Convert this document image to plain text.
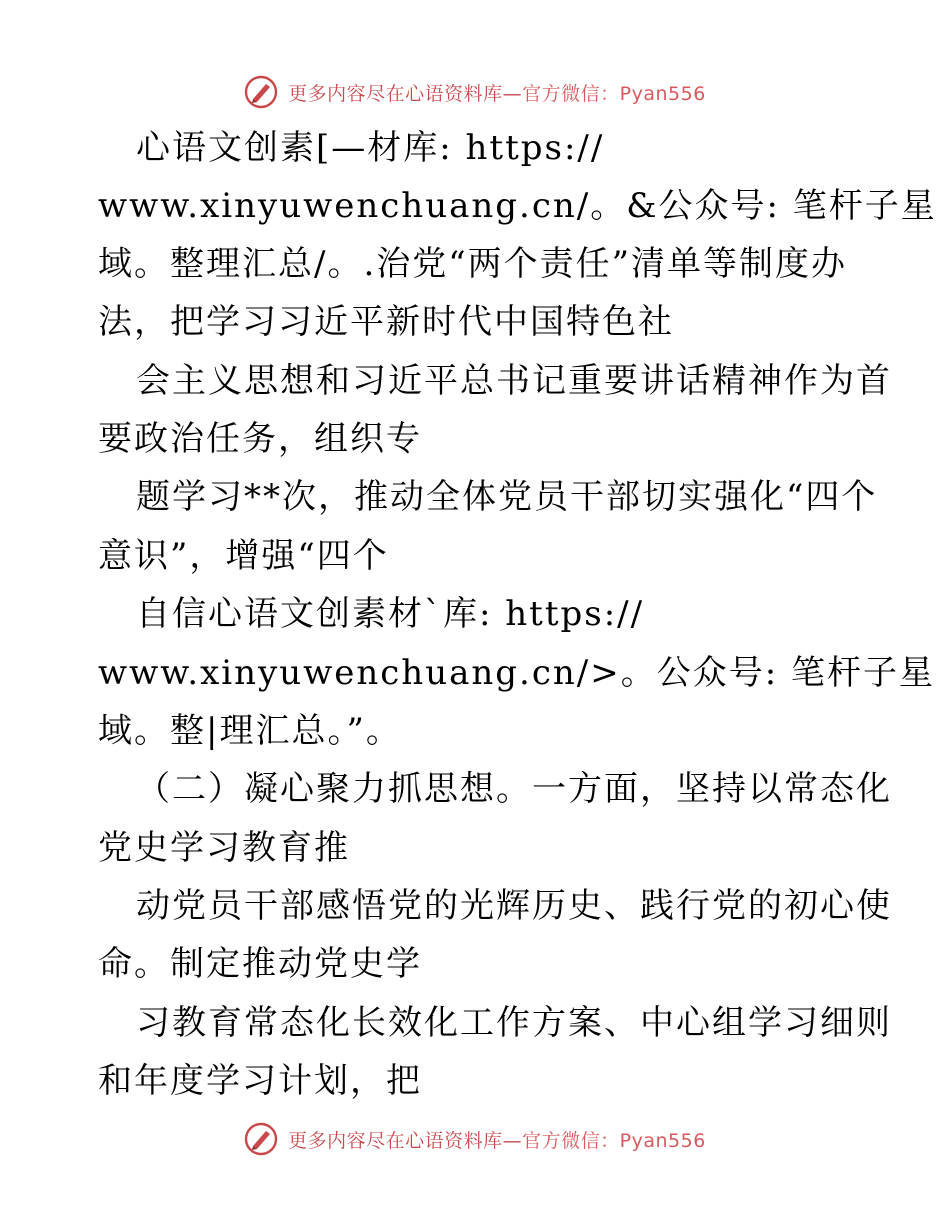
更多内容尽在心语资料库—官方微信：Pyan556
心语文创素[—材库: https://
www.xinyuwenchuang.cn/。&公众号: 笔杆子星
域。整理汇总/。.治党“两个责任”清单等制度办
法，把学习习近平新时代中国特色社
会主义思想和习近平总书记重要讲话精神作为首
要政治任务，组织专
题学习**次，推动全体党员干部切实强化“四个
意识”，增强“四个
自信心语文创素材`库: https://
www.xinyuwenchuang.cn/>。公众号: 笔杆子星
域。整|理汇总。”。
（二）凝心聚力抓思想。一方面，坚持以常态化
党史学习教育推
动党员干部感悟党的光辉历史、践行党的初心使
命。制定推动党史学
习教育常态化长效化工作方案、中心组学习细则
和年度学习计划，把
更多内容尽在心语资料库—官方微信：Pyan556
